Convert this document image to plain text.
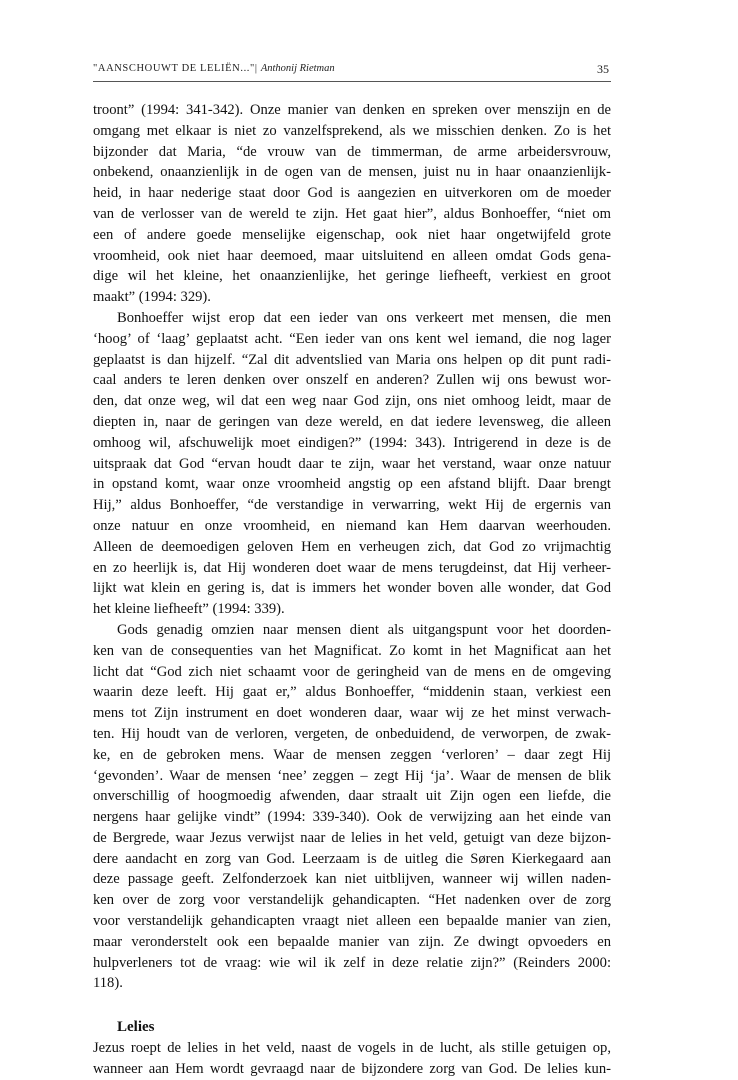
"AANSCHOUWT DE LELIËN..."| Anthonij Rietman	35
troont” (1994: 341-342). Onze manier van denken en spreken over menszijn en de
omgang met elkaar is niet zo vanzelfsprekend, als we misschien denken. Zo is het
bijzonder dat Maria, “de vrouw van de timmerman, de arme arbeidersvrouw,
onbekend, onaanzienlijk in de ogen van de mensen, juist nu in haar onaanzienlijk-
heid, in haar nederige staat door God is aangezien en uitverkoren om de moeder
van de verlosser van de wereld te zijn. Het gaat hier”, aldus Bonhoeffer, “niet om
een of andere goede menselijke eigenschap, ook niet haar ongetwijfeld grote
vroomheid, ook niet haar deemoed, maar uitsluitend en alleen omdat Gods gena-
dige wil het kleine, het onaanzienlijke, het geringe liefheeft, verkiest en groot
maakt” (1994: 329).
Bonhoeffer wijst erop dat een ieder van ons verkeert met mensen, die men
‘hoog’ of ‘laag’ geplaatst acht. “Een ieder van ons kent wel iemand, die nog lager
geplaatst is dan hijzelf. “Zal dit adventslied van Maria ons helpen op dit punt radi-
caal anders te leren denken over onszelf en anderen? Zullen wij ons bewust wor-
den, dat onze weg, wil dat een weg naar God zijn, ons niet omhoog leidt, maar de
diepten in, naar de geringen van deze wereld, en dat iedere levensweg, die alleen
omhoog wil, afschuwelijk moet eindigen?” (1994: 343). Intrigerend in deze is de
uitspraak dat God “ervan houdt daar te zijn, waar het verstand, waar onze natuur
in opstand komt, waar onze vroomheid angstig op een afstand blijft. Daar brengt
Hij,” aldus Bonhoeffer, “de verstandige in verwarring, wekt Hij de ergernis van
onze natuur en onze vroomheid, en niemand kan Hem daarvan weerhouden.
Alleen de deemoedigen geloven Hem en verheugen zich, dat God zo vrijmachtig
en zo heerlijk is, dat Hij wonderen doet waar de mens terugdeinst, dat Hij verheer-
lijkt wat klein en gering is, dat is immers het wonder boven alle wonder, dat God
het kleine liefheeft” (1994: 339).
Gods genadig omzien naar mensen dient als uitgangspunt voor het doorden-
ken van de consequenties van het Magnificat. Zo komt in het Magnificat aan het
licht dat “God zich niet schaamt voor de geringheid van de mens en de omgeving
waarin deze leeft. Hij gaat er,” aldus Bonhoeffer, “middenin staan, verkiest een
mens tot Zijn instrument en doet wonderen daar, waar wij ze het minst verwach-
ten. Hij houdt van de verloren, vergeten, de onbeduidend, de verworpen, de zwak-
ke, en de gebroken mens. Waar de mensen zeggen ‘verloren’ – daar zegt Hij
‘gevonden’. Waar de mensen ‘nee’ zeggen – zegt Hij ‘ja’. Waar de mensen de blik
onverschillig of hoogmoedig afwenden, daar straalt uit Zijn ogen een liefde, die
nergens haar gelijke vindt” (1994: 339-340). Ook de verwijzing aan het einde van
de Bergrede, waar Jezus verwijst naar de lelies in het veld, getuigt van deze bijzon-
dere aandacht en zorg van God. Leerzaam is de uitleg die Søren Kierkegaard aan
deze passage geeft. Zelfonderzoek kan niet uitblijven, wanneer wij willen naden-
ken over de zorg voor verstandelijk gehandicapten. “Het nadenken over de zorg
voor verstandelijk gehandicapten vraagt niet alleen een bepaalde manier van zien,
maar veronderstelt ook een bepaalde manier van zijn. Ze dwingt opvoeders en
hulpverleners tot de vraag: wie wil ik zelf in deze relatie zijn?” (Reinders 2000:
118).
Lelies
Jezus roept de lelies in het veld, naast de vogels in de lucht, als stille getuigen op,
wanneer aan Hem wordt gevraagd naar de bijzondere zorg van God. De lelies kun-
